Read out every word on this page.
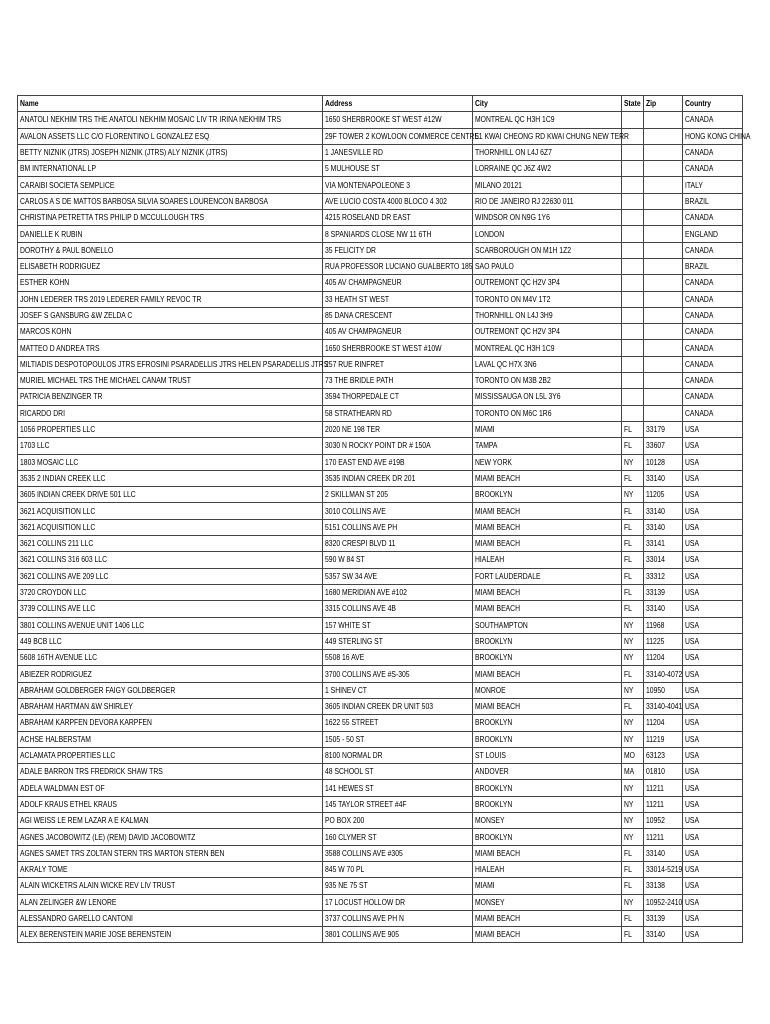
Name	Address	City	State	Zip	Country
ANATOLI NEKHIM TRS THE ANATOLI NEKHIM MOSAIC LIV TR IRINA NEKHIM TRS	1650 SHERBROOKE ST WEST #12W	MONTREAL QC H3H 1C9			CANADA
AVALON ASSETS LLC C/O FLORENTINO L GONZALEZ ESQ	29F TOWER 2 KOWLOON COMMERCE CENTRE	51 KWAI CHEONG RD KWAI CHUNG NEW TERR			HONG KONG CHINA
BETTY NIZNIK (JTRS) JOSEPH NIZNIK (JTRS) ALY NIZNIK (JTRS)	1 JANESVILLE RD	THORNHILL ON L4J 6Z7			CANADA
BM INTERNATIONAL LP	5 MULHOUSE ST	LORRAINE QC J6Z 4W2			CANADA
CARAIBI SOCIETA SEMPLICE	VIA MONTENAPOLEONE 3	MILANO 20121			ITALY
CARLOS A S DE MATTOS BARBOSA SILVIA SOARES LOURENCON BARBOSA	AVE LUCIO COSTA 4000 BLOCO 4 302	RIO DE JANEIRO RJ 22630 011			BRAZIL
CHRISTINA PETRETTA TRS PHILIP D MCCULLOUGH TRS	4215 ROSELAND DR EAST	WINDSOR ON N9G 1Y6			CANADA
DANIELLE K RUBIN	8 SPANIARDS CLOSE NW 11 6TH	LONDON			ENGLAND
DOROTHY & PAUL BONELLO	35 FELICITY DR	SCARBOROUGH ON M1H 1Z2			CANADA
ELISABETH RODRIGUEZ	RUA PROFESSOR LUCIANO GUALBERTO 185	SAO PAULO			BRAZIL
ESTHER KOHN	405 AV CHAMPAGNEUR	OUTREMONT QC H2V 3P4			CANADA
JOHN LEDERER TRS 2019 LEDERER FAMILY REVOC TR	33 HEATH ST WEST	TORONTO ON M4V 1T2			CANADA
JOSEF S GANSBURG &W ZELDA C	85 DANA CRESCENT	THORNHILL ON L4J 3H9			CANADA
MARCOS KOHN	405 AV CHAMPAGNEUR	OUTREMONT QC H2V 3P4			CANADA
MATTEO D ANDREA TRS	1650 SHERBROOKE ST WEST #10W	MONTREAL QC H3H 1C9			CANADA
MILTIADIS DESPOTOPOULOS JTRS EFROSINI PSARADELLIS JTRS HELEN PSARADELLIS JTRS	257 RUE RINFRET	LAVAL QC H7X 3N6			CANADA
MURIEL MICHAEL TRS THE MICHAEL CANAM TRUST	73 THE BRIDLE PATH	TORONTO ON M3B 2B2			CANADA
PATRICIA BENZINGER TR	3594 THORPEDALE CT	MISSISSAUGA ON L5L 3Y6			CANADA
RICARDO DRI	58 STRATHEARN RD	TORONTO ON M6C 1R6			CANADA
1056 PROPERTIES LLC	2020 NE 198 TER	MIAMI	FL	33179	USA
1703 LLC	3030 N ROCKY POINT DR # 150A	TAMPA	FL	33607	USA
1803 MOSAIC LLC	170 EAST END AVE #19B	NEW YORK	NY	10128	USA
3535 2 INDIAN CREEK LLC	3535 INDIAN CREEK DR 201	MIAMI BEACH	FL	33140	USA
3605 INDIAN CREEK DRIVE 501 LLC	2 SKILLMAN ST 205	BROOKLYN	NY	11205	USA
3621 ACQUISITION LLC	3010 COLLINS AVE	MIAMI BEACH	FL	33140	USA
3621 ACQUISITION LLC	5151 COLLINS AVE PH	MIAMI BEACH	FL	33140	USA
3621 COLLINS 211 LLC	8320 CRESPI BLVD 11	MIAMI BEACH	FL	33141	USA
3621 COLLINS 316 603 LLC	590 W 84 ST	HIALEAH	FL	33014	USA
3621 COLLINS AVE 209 LLC	5357 SW 34 AVE	FORT LAUDERDALE	FL	33312	USA
3720 CROYDON LLC	1680 MERIDIAN AVE #102	MIAMI BEACH	FL	33139	USA
3739 COLLINS AVE LLC	3315 COLLINS AVE 4B	MIAMI BEACH	FL	33140	USA
3801 COLLINS AVENUE UNIT 1406 LLC	157 WHITE ST	SOUTHAMPTON	NY	11968	USA
449 BCB LLC	449 STERLING ST	BROOKLYN	NY	11225	USA
5608 16TH AVENUE LLC	5508 16 AVE	BROOKLYN	NY	11204	USA
ABIEZER RODRIGUEZ	3700 COLLINS AVE #S-305	MIAMI BEACH	FL	33140-4072	USA
ABRAHAM GOLDBERGER FAIGY GOLDBERGER	1 SHINEV CT	MONROE	NY	10950	USA
ABRAHAM HARTMAN &W SHIRLEY	3605 INDIAN CREEK DR UNIT 503	MIAMI BEACH	FL	33140-4041	USA
ABRAHAM KARPFEN DEVORA KARPFEN	1622 55 STREET	BROOKLYN	NY	11204	USA
ACHSE HALBERSTAM	1505 - 50 ST	BROOKLYN	NY	11219	USA
ACLAMATA PROPERTIES LLC	8100 NORMAL DR	ST LOUIS	MO	63123	USA
ADALE BARRON TRS FREDRICK SHAW TRS	48 SCHOOL ST	ANDOVER	MA	01810	USA
ADELA WALDMAN EST OF	141 HEWES ST	BROOKLYN	NY	11211	USA
ADOLF KRAUS ETHEL KRAUS	145 TAYLOR STREET #4F	BROOKLYN	NY	11211	USA
AGI WEISS LE REM LAZAR A E KALMAN	PO BOX 200	MONSEY	NY	10952	USA
AGNES JACOBOWITZ (LE) (REM) DAVID JACOBOWITZ	160 CLYMER ST	BROOKLYN	NY	11211	USA
AGNES SAMET TRS ZOLTAN STERN TRS MARTON STERN BEN	3588 COLLINS AVE #305	MIAMI BEACH	FL	33140	USA
AKRALY TOME	845 W 70 PL	HIALEAH	FL	33014-5219	USA
ALAIN WICKETRS ALAIN WICKE REV LIV TRUST	935 NE 75 ST	MIAMI	FL	33138	USA
ALAN ZELINGER &W LENORE	17 LOCUST HOLLOW DR	MONSEY	NY	10952-2410	USA
ALESSANDRO GARELLO CANTONI	3737 COLLINS AVE PH N	MIAMI BEACH	FL	33139	USA
ALEX BERENSTEIN MARIE JOSE BERENSTEIN	3801 COLLINS AVE 905	MIAMI BEACH	FL	33140	USA
